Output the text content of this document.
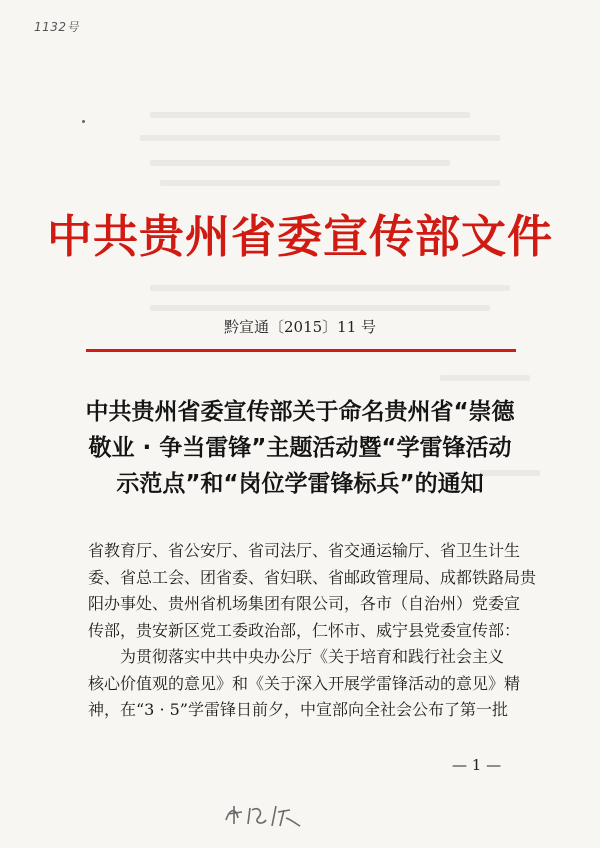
1132号
中共贵州省委宣传部文件
黔宣通〔2015〕11 号
中共贵州省委宣传部关于命名贵州省“崇德
敬业 · 争当雷锋”主题活动暨“学雷锋活动
示范点”和“岗位学雷锋标兵”的通知

省教育厅、省公安厅、省司法厅、省交通运输厅、省卫生计生

委、省总工会、团省委、省妇联、省邮政管理局、成都铁路局贵

阳办事处、贵州省机场集团有限公司，各市（自治州）党委宣

传部，贵安新区党工委政治部，仁怀市、威宁县党委宣传部：

为贯彻落实中共中央办公厅《关于培育和践行社会主义

核心价值观的意见》和《关于深入开展学雷锋活动的意见》精

神，在“3 · 5”学雷锋日前夕，中宣部向全社会公布了第一批

— 1 —
